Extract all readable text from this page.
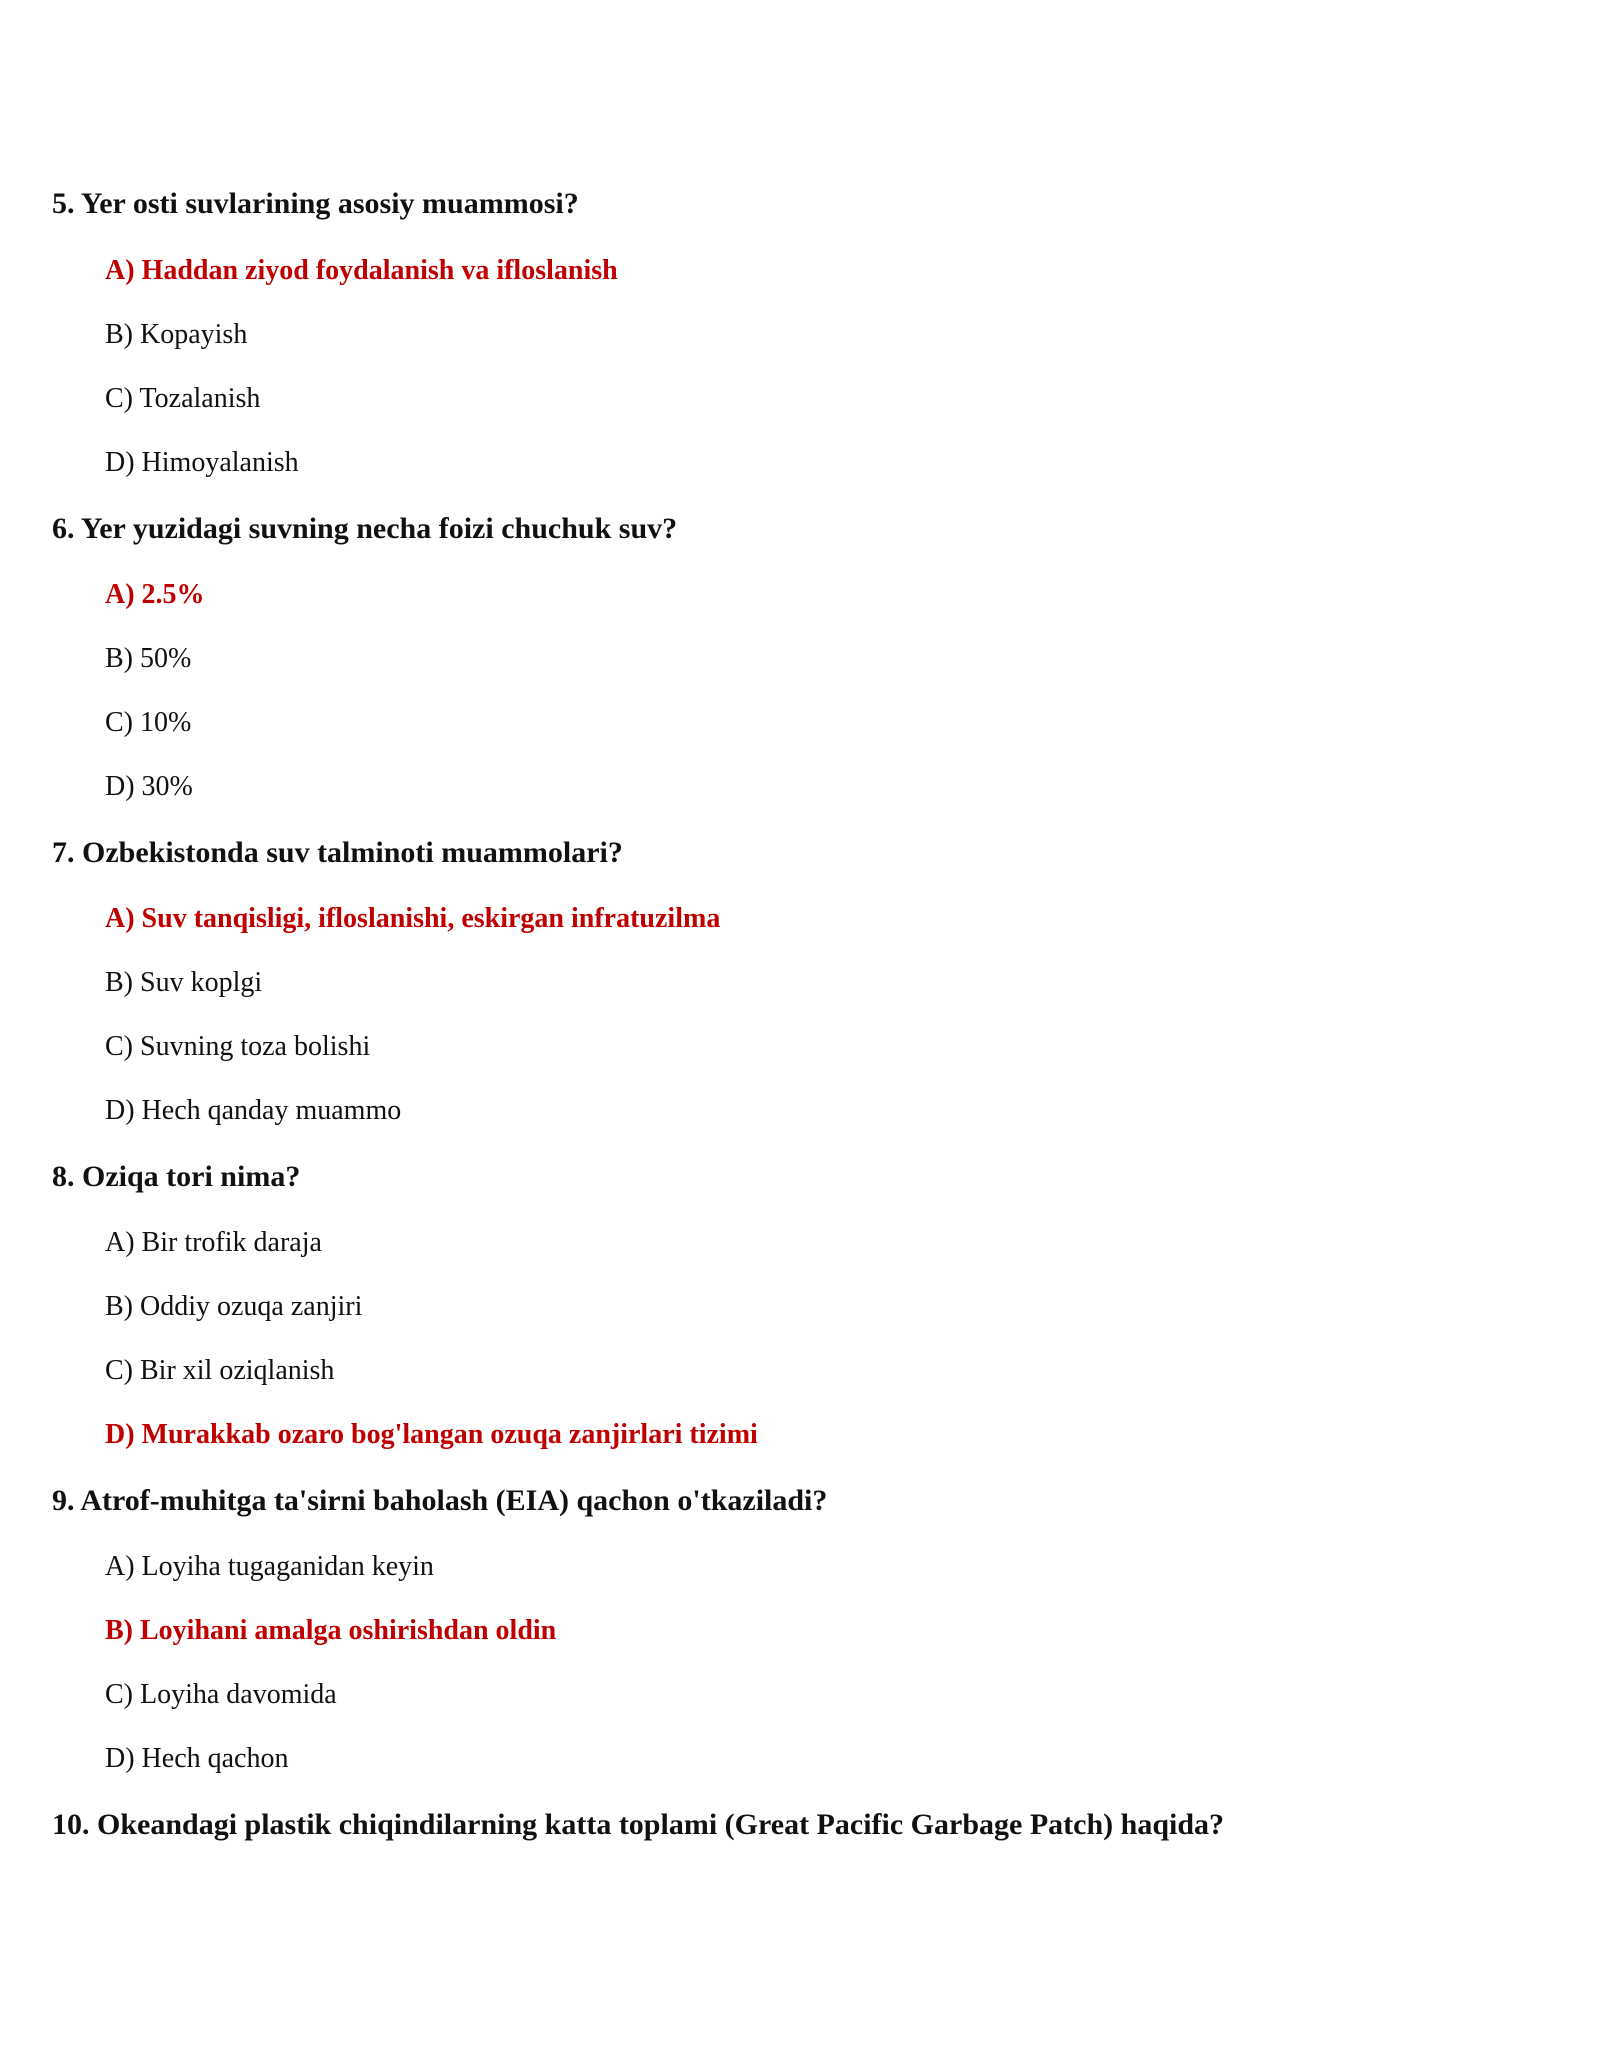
5. Yer osti suvlarining asosiy muammosi?
A) Haddan ziyod foydalanish va ifloslanish
B) Kopayish
C) Tozalanish
D) Himoyalanish
6. Yer yuzidagi suvning necha foizi chuchuk suv?
A) 2.5%
B) 50%
C) 10%
D) 30%
7. Ozbekistonda suv talminoti muammolari?
A) Suv tanqisligi, ifloslanishi, eskirgan infratuzilma
B) Suv koplgi
C) Suvning toza bolishi
D) Hech qanday muammo
8. Oziqa tori nima?
A) Bir trofik daraja
B) Oddiy ozuqa zanjiri
C) Bir xil oziqlanish
D) Murakkab ozaro bog'langan ozuqa zanjirlari tizimi
9. Atrof-muhitga ta'sirni baholash (EIA) qachon o'tkaziladi?
A) Loyiha tugaganidan keyin
B) Loyihani amalga oshirishdan oldin
C) Loyiha davomida
D) Hech qachon
10. Okeandagi plastik chiqindilarning katta toplami (Great Pacific Garbage Patch) haqida?
